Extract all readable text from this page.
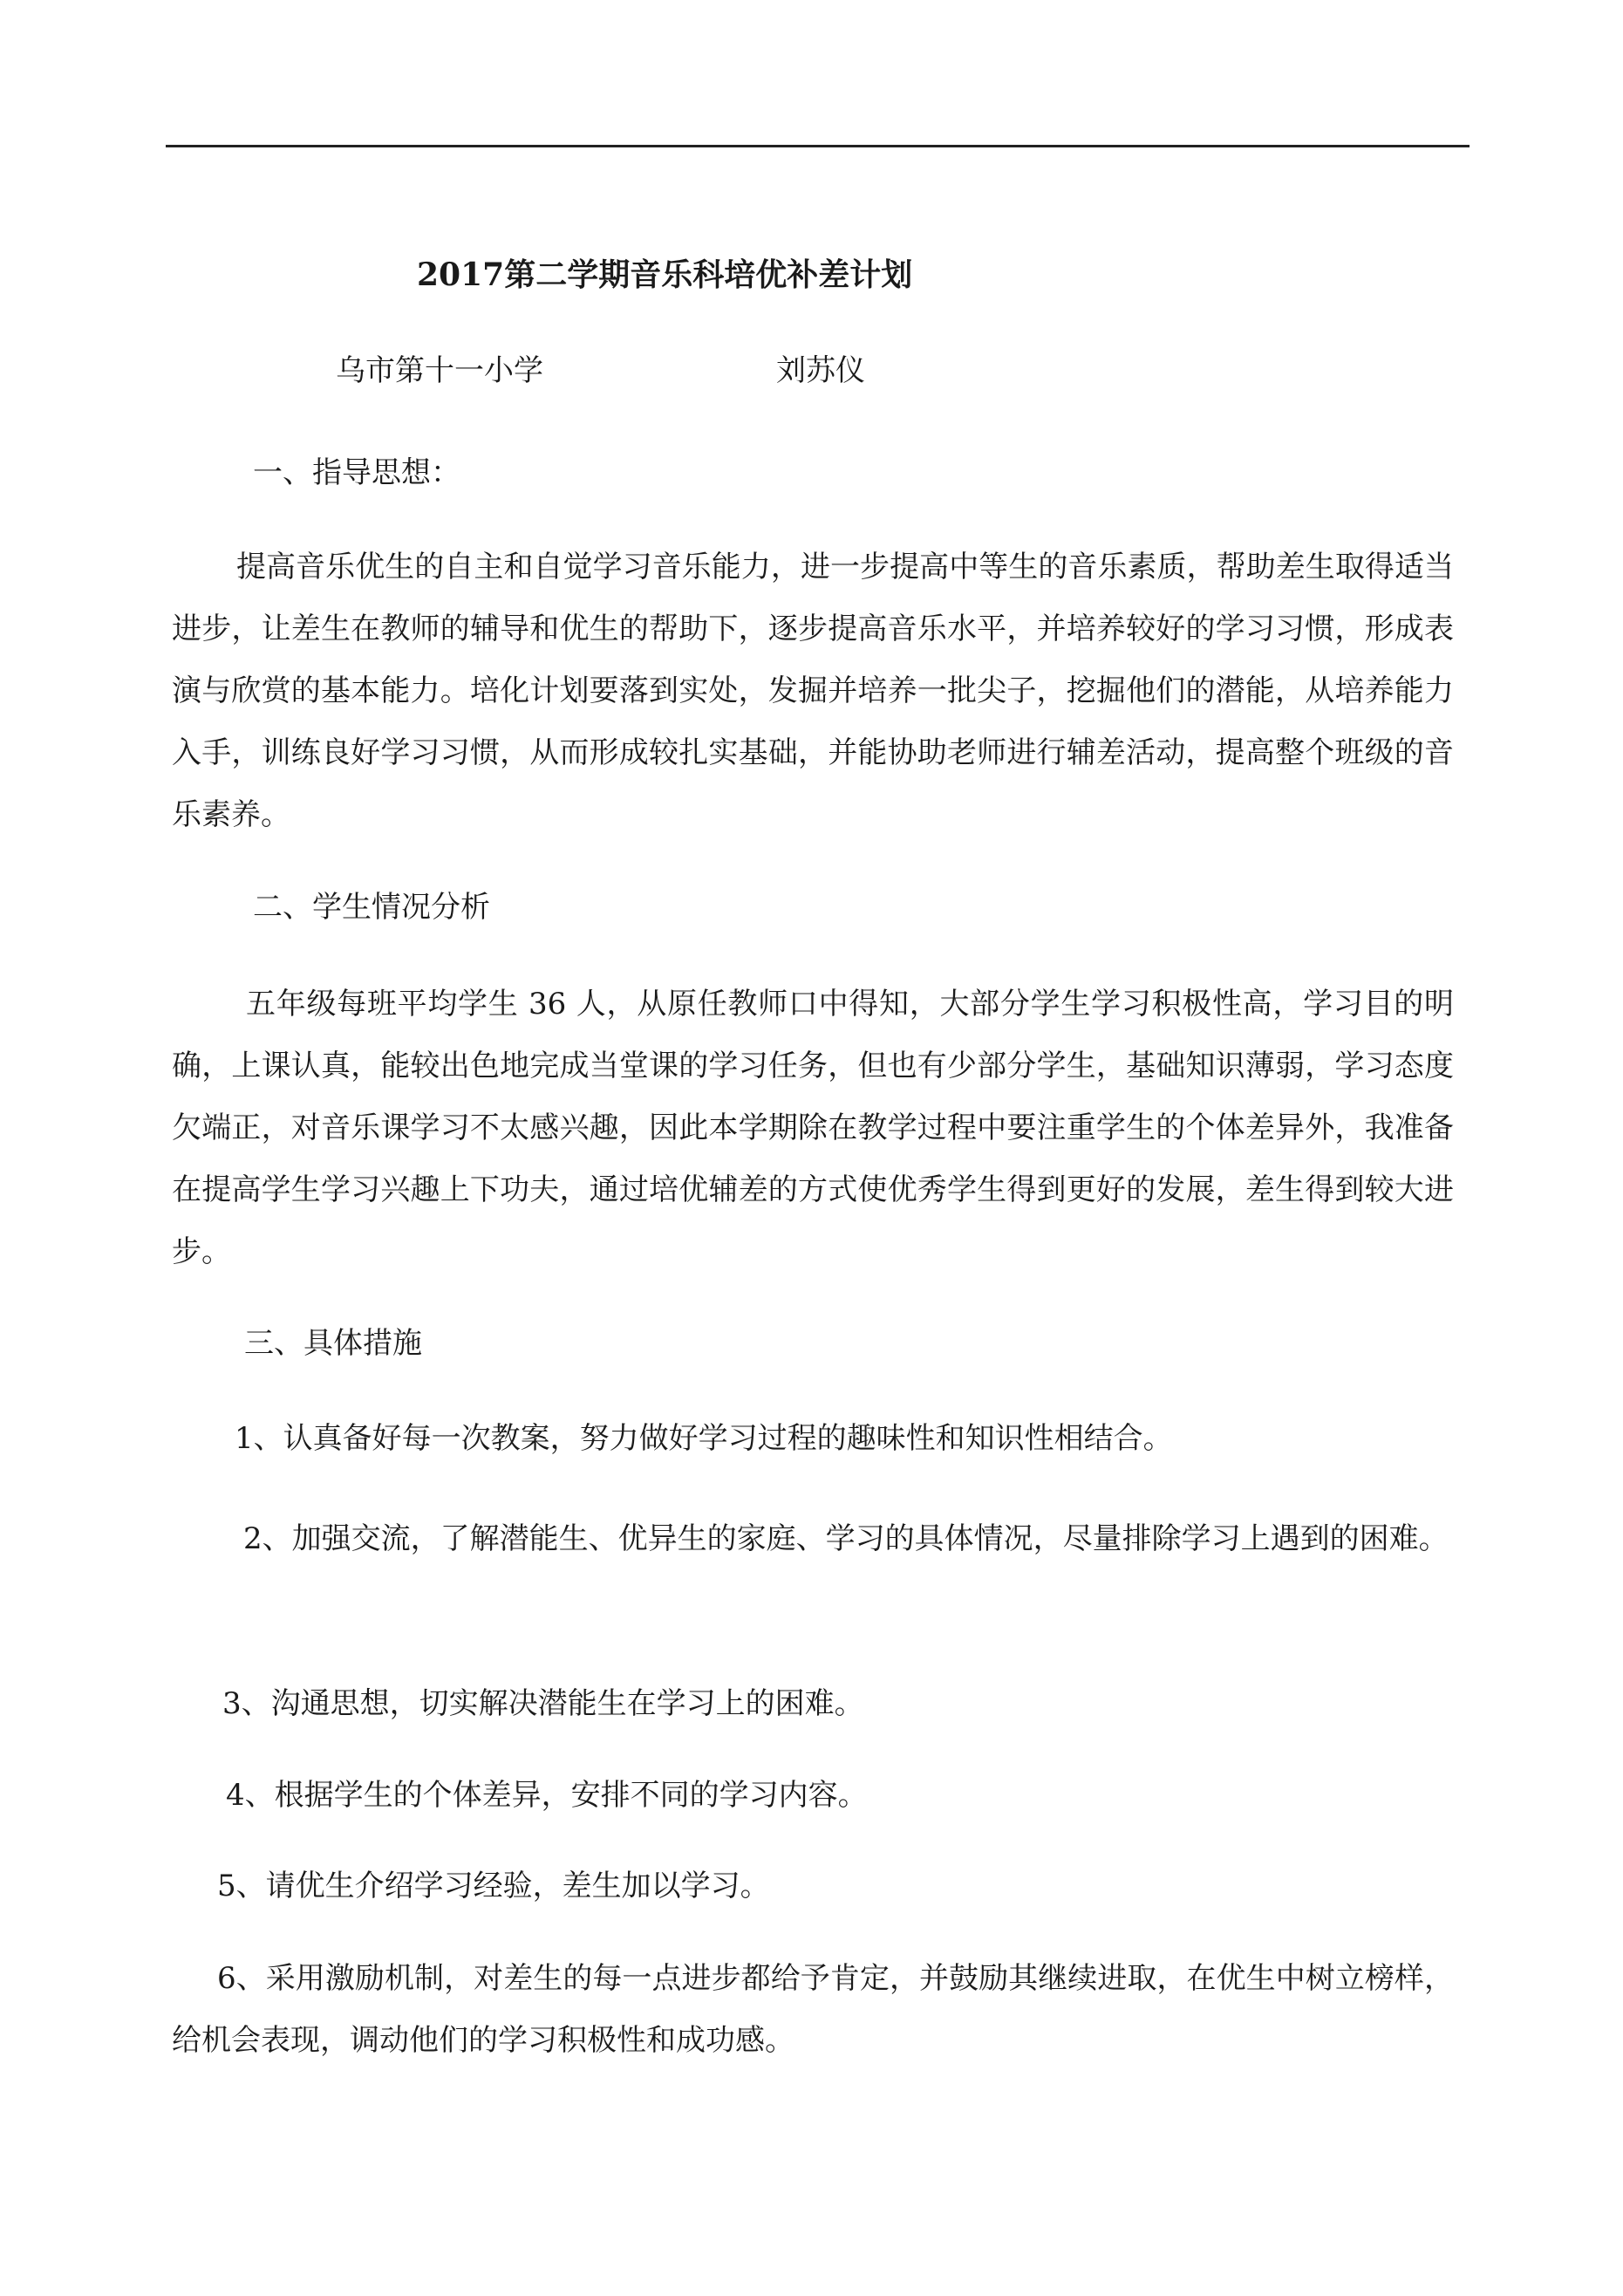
2017第二学期音乐科培优补差计划
乌市第十一小学	刘苏仪
一、指导思想：
提高音乐优生的自主和自觉学习音乐能力，进一步提高中等生的音乐素质，帮助差生取得适当进步，让差生在教师的辅导和优生的帮助下，逐步提高音乐水平，并培养较好的学习习惯，形成表演与欣赏的基本能力。培化计划要落到实处，发掘并培养一批尖子，挖掘他们的潜能，从培养能力入手，训练良好学习习惯，从而形成较扎实基础，并能协助老师进行辅差活动，提高整个班级的音乐素养。
二、学生情况分析
五年级每班平均学生 36 人，从原任教师口中得知，大部分学生学习积极性高，学习目的明确，上课认真，能较出色地完成当堂课的学习任务，但也有少部分学生，基础知识薄弱，学习态度欠端正，对音乐课学习不太感兴趣，因此本学期除在教学过程中要注重学生的个体差异外，我准备在提高学生学习兴趣上下功夫，通过培优辅差的方式使优秀学生得到更好的发展，差生得到较大进步。
三、具体措施
1、认真备好每一次教案，努力做好学习过程的趣味性和知识性相结合。
2、加强交流，了解潜能生、优异生的家庭、学习的具体情况，尽量排除学习上遇到的困难。
3、沟通思想，切实解决潜能生在学习上的困难。
4、根据学生的个体差异，安排不同的学习内容。
5、请优生介绍学习经验，差生加以学习。
6、采用激励机制，对差生的每一点进步都给予肯定，并鼓励其继续进取，在优生中树立榜样，给机会表现，调动他们的学习积极性和成功感。
